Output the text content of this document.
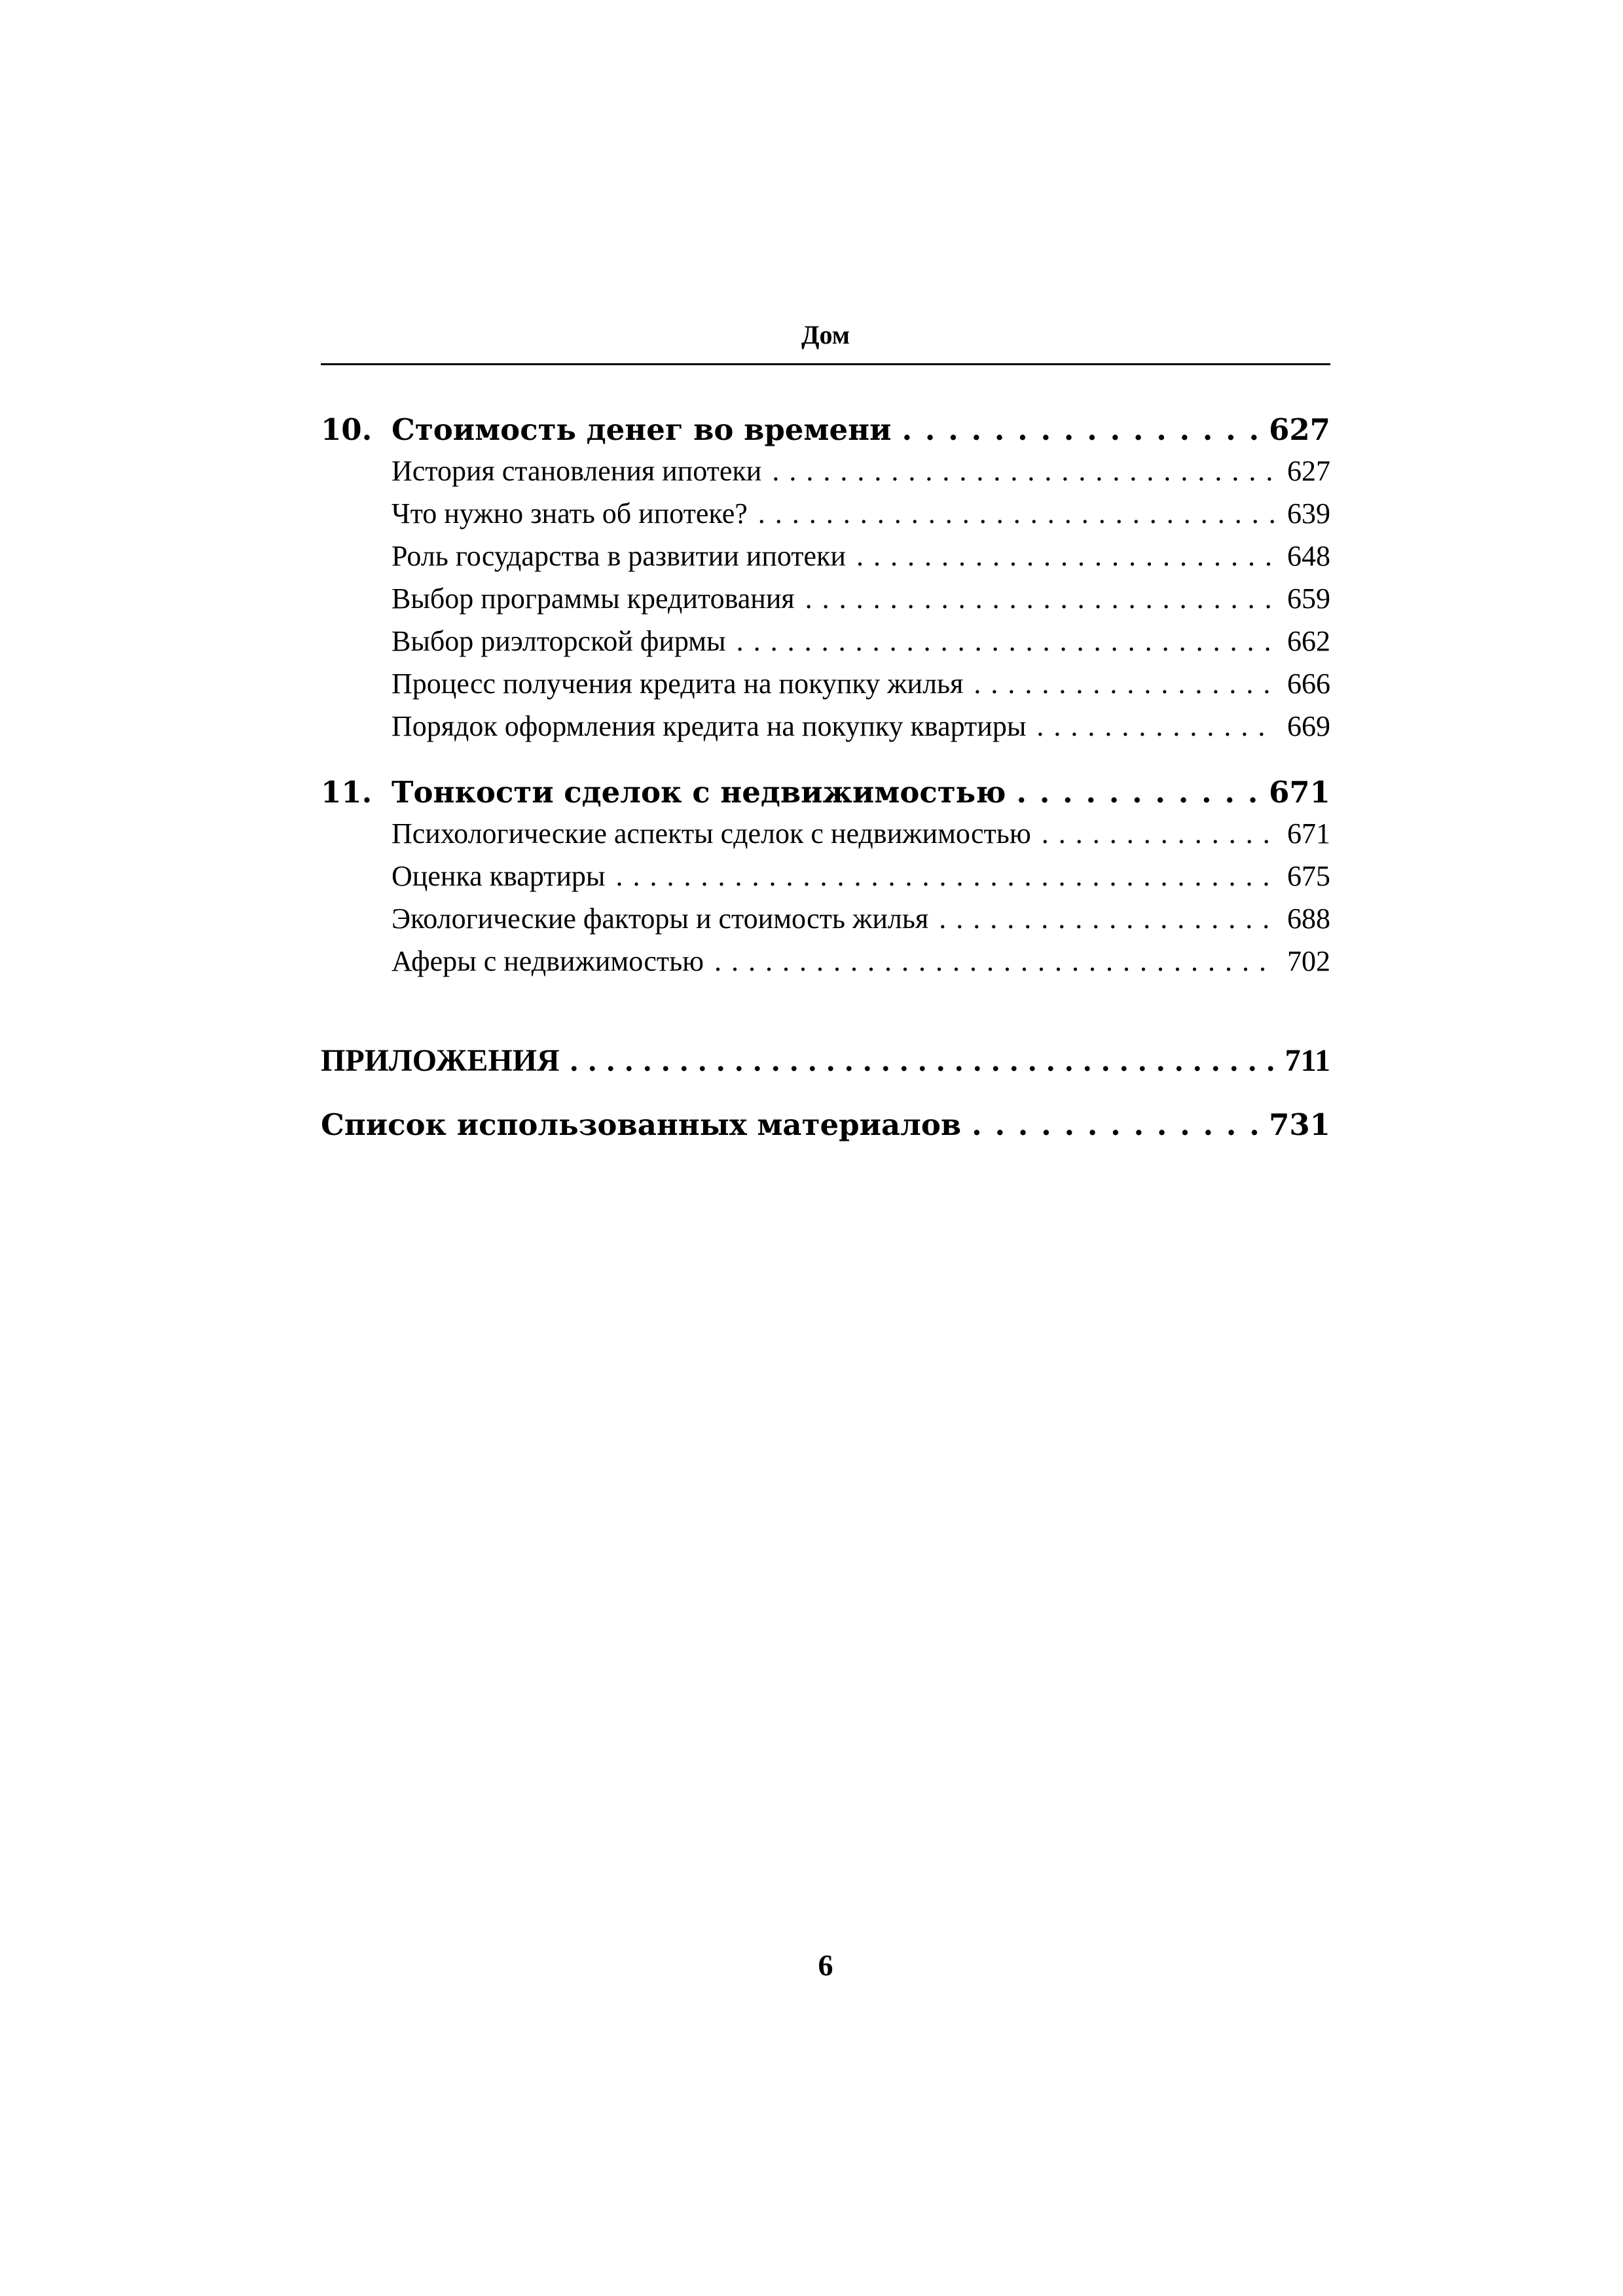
Дом
10. Стоимость денег во времени . . .	627
История становления ипотеки . . .	627
Что нужно знать об ипотеке? . . .	639
Роль государства в развитии ипотеки . . .	648
Выбор программы кредитования . . .	659
Выбор риэлторской фирмы . . .	662
Процесс получения кредита на покупку жилья . . .	666
Порядок оформления кредита на покупку квартиры . . .	669
11. Тонкости сделок с недвижимостью . . .	671
Психологические аспекты сделок с недвижимостью . . .	671
Оценка квартиры . . .	675
Экологические факторы и стоимость жилья . . .	688
Аферы с недвижимостью . . .	702
ПРИЛОЖЕНИЯ . . .	711
Список использованных материалов . . .	731
6
